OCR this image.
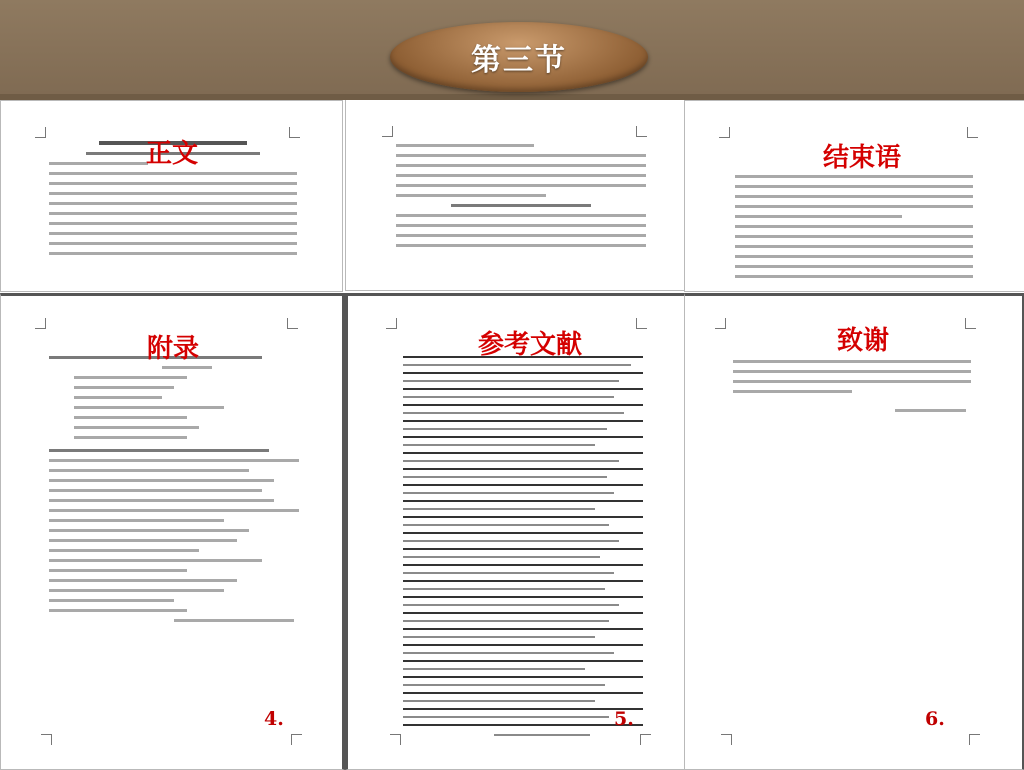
第三节
正文	结束语
附录
4.
参考文献
5.
致谢
6.
